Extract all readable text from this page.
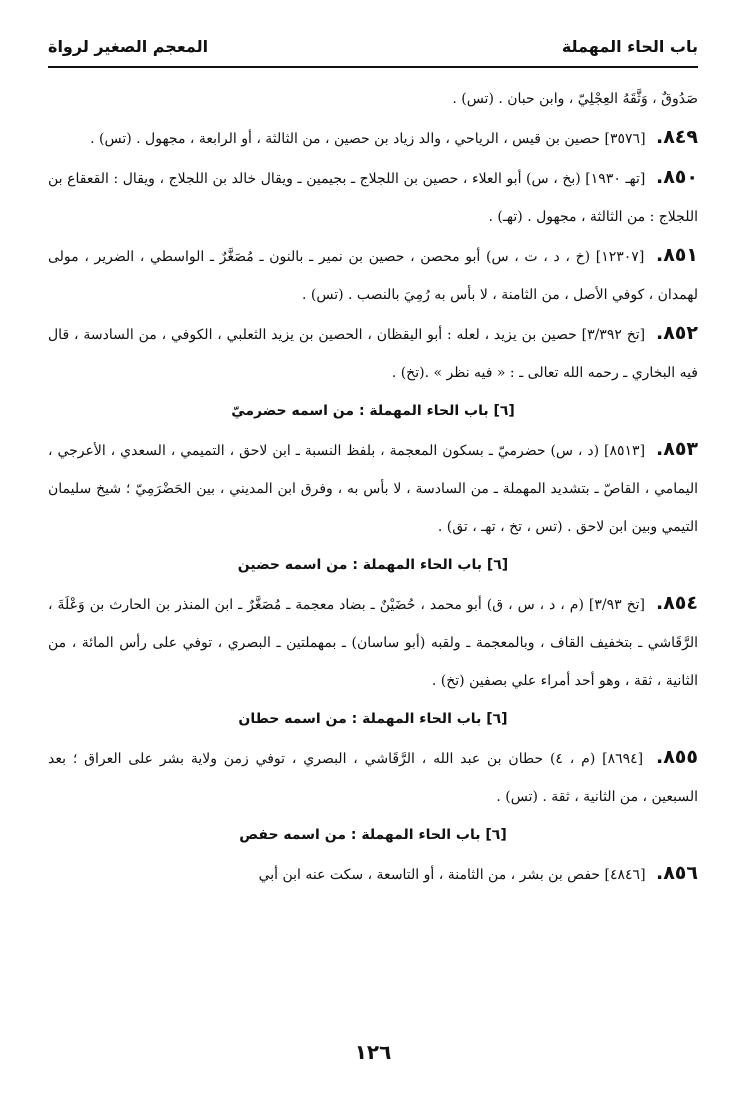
باب الحاء المهملة
المعجم الصغير لرواة

صَدُوقٌ ، وَثَّقَهُ العِجْلِيّ ، وابن حبان . (تس) .

٨٤٩. [٣٥٧٦] حصين بن قيس ، الرياحي ، والد زياد بن حصين ، من الثالثة ، أو الرابعة ، مجهول . (تس) .

٨٥٠. [تهـ ١٩٣٠] (بخ ، س) أبو العلاء ، حصين بن اللجلاج ـ بجيمين ـ ويقال خالد بن اللجلاج ، ويقال : القعقاع بن اللجلاج : من الثالثة ، مجهول . (تهـ) .

٨٥١. [١٢٣٠٧] (خ ، د ، ت ، س) أبو محصن ، حصين بن نمير ـ بالنون ـ مُصَغَّرٌ ـ الواسطي ، الضرير ، مولى لهمدان ، كوفي الأصل ، من الثامنة ، لا بأس به رُمِيَ بالنصب . (تس) .

٨٥٢. [تخ ٣/٣٩٢] حصين بن يزيد ، لعله : أبو اليقظان ، الحصين بن يزيد الثعلبي ، الكوفي ، من السادسة ، قال فيه البخاري ـ رحمه الله تعالى ـ : « فيه نظر » .(تخ) .

[٦] باب الحاء المهملة : من اسمه حضرميّ

٨٥٣. [٨٥١٣] (د ، س) حضرميّ ـ بسكون المعجمة ، بلفظ النسبة ـ ابن لاحق ، التميمي ، السعدي ، الأعرجي ، اليمامي ، القاصّ ـ بتشديد المهملة ـ من السادسة ، لا بأس به ، وفرق ابن المديني ، بين الحَضْرَمِيّ ؛ شيخ سليمان التيمي وبين ابن لاحق . (تس ، تخ ، تهـ ، تق) .

[٦] باب الحاء المهملة : من اسمه حضين

٨٥٤. [تخ ٣/٩٣] (م ، د ، س ، ق) أبو محمد ، حُضَيْنٌ ـ بضاد معجمة ـ مُصَغَّرٌ ـ ابن المنذر بن الحارث بن وَعْلَةَ ، الرَّقَاشي ـ بتخفيف القاف ، وبالمعجمة ـ ولقبه (أبو ساسان) ـ بمهملتين ـ البصري ، توفي على رأس المائة ، من الثانية ، ثقة ، وهو أحد أمراء علي بصفين (تخ) .

[٦] باب الحاء المهملة : من اسمه حطان

٨٥٥. [٨٦٩٤] (م ، ٤) حطان بن عبد الله ، الرَّقَاشي ، البصري ، توفي زمن ولاية بشر على العراق ؛ بعد السبعين ، من الثانية ، ثقة . (تس) .

[٦] باب الحاء المهملة : من اسمه حفص

٨٥٦. [٤٨٤٦] حفص بن بشر ، من الثامنة ، أو التاسعة ، سكت عنه ابن أبي

١٢٦
